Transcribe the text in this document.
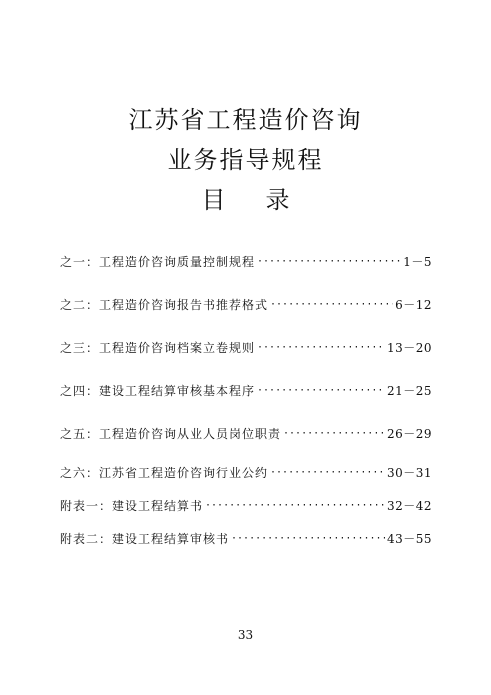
江苏省工程造价咨询
业务指导规程
目 录
之一：工程造价咨询质量控制规程 ·····	1－5
之二：工程造价咨询报告书推荐格式 ·····	6－12
之三：工程造价咨询档案立卷规则 ·····	13－20
之四：建设工程结算审核基本程序 ·····	21－25
之五：工程造价咨询从业人员岗位职责 ·····	26－29
之六：江苏省工程造价咨询行业公约 ·····	30－31
附表一：建设工程结算书 ·····	32－42
附表二：建设工程结算审核书 ·····	43－55
33
